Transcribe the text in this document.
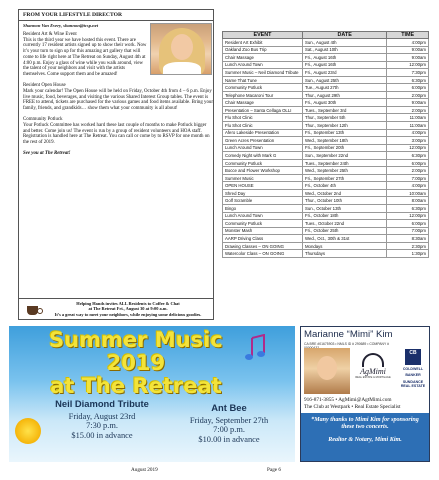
FROM YOUR LIFESTYLE DIRECTOR
Shannon Van Every, shannon@tcsp.net

Resident Art & Wine Event
This is the third year we have hosted this event. There are currently 17 resident artists signed up to show their work. Now it’s your turn to sign up for this amazing art gallery that will come to life right here at The Retreat on Sunday, August 4th at 4:00 p.m. Enjoy a glass of wine while you walk around, view the talent of your neighbors and visit with the artists themselves. Come support them and be amazed!

Resident Open House
Mark your calendar! The Open House will be held on Friday, October 4th from 4 – 6 p.m. Enjoy live music, food, beverages, and visiting the various Shared Interest Group tables. The event is FREE to attend, tickets are purchased for the various games and food items available. Bring your family, friends, and grandkids… show them what your community is all about!

Community Potluck
Your Potluck Committee has worked hard these last couple of months to make Potluck bigger and better. Come join us! The event is run by a group of resident volunteers and HOA staff. Registration is handled here at The Retreat. You can call or come by to RSVP for one month on the rest of 2019.

See you at The Retreat!

Helping Hands invites ALL Residents to Coffee & Chat
at The Retreat Fri., August 30 at 9:00 a.m.
It’s a great way to meet your neighbors, while enjoying some delicious goodies.
EVENT	DATE	TIME
Resident Art Exhibit	Sun., August 4th	4:00pm
Oakland Zoo Bus Trip	Sat., August 10th	9:00am
Chair Massage	Fri., August 16th	9:00am
Lunch Around Town	Fri., August 16th	12:00pm
Summer Music – Neil Diamond Tribute	Fri., August 23rd	7:30pm
Name That Tune	Sun., August 25th	6:30pm
Community Potluck	Tue., August 27th	6:00pm
Telephone Macaroni Tour	Thur., August 29th	2:00pm
Chair Massage	Fri., August 30th	9:00am
Presentation – Santa Cellaga OLLI	Tues., September 3rd	2:00pm
Flu Shot Clinic	Thur., September 5th	11:00am
Flu Shot Clinic	Thur., September 12th	11:00am
Afero Lakeside Presentation	Fri., September 13th	4:00pm
Green Acres Presentation	Wed., September 18th	3:00pm
Lunch Around Town	Fri., September 20th	12:00pm
Comedy Night with Mark G	Sun., September 22nd	6:30pm
Community Potluck	Tues., September 24th	6:00pm
Bocce and Flower Workshop	Wed., September 25th	2:00pm
Summer Music	Fri., September 27th	7:00pm
OPEN HOUSE	Fri., October 4th	4:00pm
Shred Day	Wed., October 2nd	10:00am
Golf Scramble	Thur., October 10th	8:00am
Bingo	Sun., October 13th	6:30pm
Lunch Around Town	Fri., October 18th	12:00pm
Community Potluck	Tues., October 22nd	6:00pm
Monster Mash	Fri., October 25th	7:00pm
AARP Driving Class	Wed., Oct., 30th & 31st	8:30am
Drawing Classes – ON GOING	Mondays	2:30pm
Watercolor Class – ON GOING	Thursdays	1:30pm
Summer Music 2019
at The Retreat
Neil Diamond Tribute
Friday, August 23rd
7:30 p.m.
$15.00 in advance
Ant Bee
Friday, September 27th
7:00 p.m.
$10.00 in advance
Marianne “Mimi” Kim
CA BRE #01675903 • NMLS ID # 290689 • COMPANY #
AgMimi
REAL ESTATE & MORTGAGE
CB
COLDWELL
BANKER
SUNDANCE REAL ESTATE
916-871-3855 • AgMimi@AgtMimi.com
The Club at Westpark • Real Estate Specialist
*Many thanks to Mimi Kim for sponsoring these two concerts.
Realtor & Notary, Mimi Kim.
August 2019	Page 6
